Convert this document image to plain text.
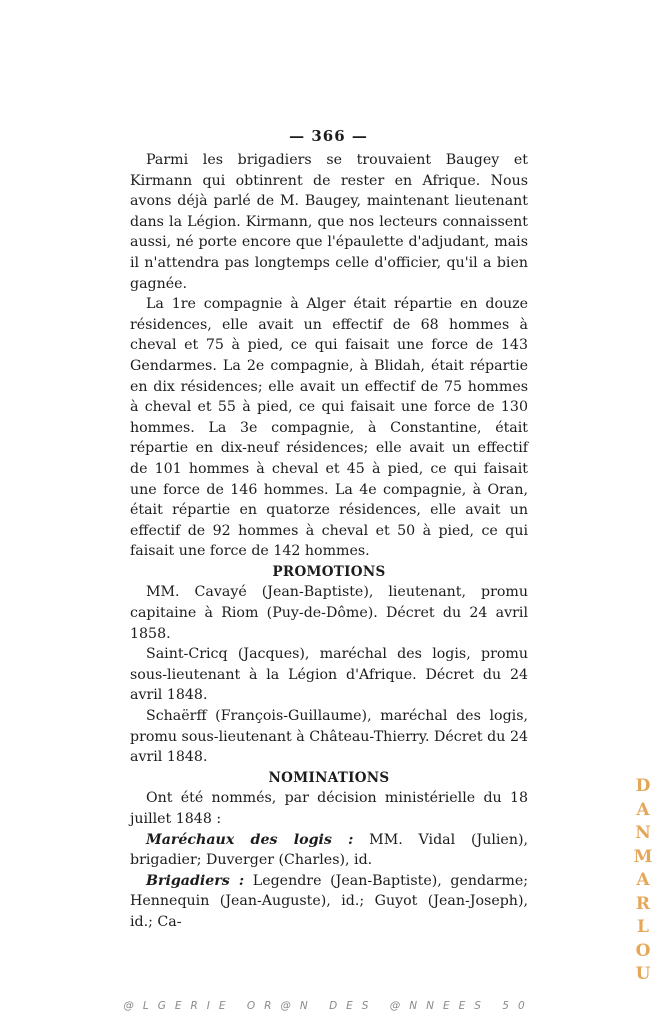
— 366 —

Parmi les brigadiers se trouvaient Baugey et Kirmann qui obtinrent de rester en Afrique. Nous avons déjà parlé de M. Baugey, maintenant lieutenant dans la Légion. Kirmann, que nos lecteurs connaissent aussi, né porte encore que l'épaulette d'adjudant, mais il n'attendra pas longtemps celle d'officier, qu'il a bien gagnée.

La 1re compagnie à Alger était répartie en douze résidences, elle avait un effectif de 68 hommes à cheval et 75 à pied, ce qui faisait une force de 143 Gendarmes. La 2e compagnie, à Blidah, était répartie en dix résidences; elle avait un effectif de 75 hommes à cheval et 55 à pied, ce qui faisait une force de 130 hommes. La 3e compagnie, à Constantine, était répartie en dix-neuf résidences; elle avait un effectif de 101 hommes à cheval et 45 à pied, ce qui faisait une force de 146 hommes. La 4e compagnie, à Oran, était répartie en quatorze résidences, elle avait un effectif de 92 hommes à cheval et 50 à pied, ce qui faisait une force de 142 hommes.

PROMOTIONS

MM. Cavayé (Jean-Baptiste), lieutenant, promu capitaine à Riom (Puy-de-Dôme). Décret du 24 avril 1858.

Saint-Cricq (Jacques), maréchal des logis, promu sous-lieutenant à la Légion d'Afrique. Décret du 24 avril 1848.

Schaërff (François-Guillaume), maréchal des logis, promu sous-lieutenant à Château-Thierry. Décret du 24 avril 1848.

NOMINATIONS

Ont été nommés, par décision ministérielle du 18 juillet 1848 :

Maréchaux des logis : MM. Vidal (Julien), brigadier; Duverger (Charles), id.

Brigadiers : Legendre (Jean-Baptiste), gendarme; Hennequin (Jean-Auguste), id.; Guyot (Jean-Joseph), id.; Ca-

D
A
N
M
A
R
L
O
U
@LGERIE OR@N DES @NNEES 50
